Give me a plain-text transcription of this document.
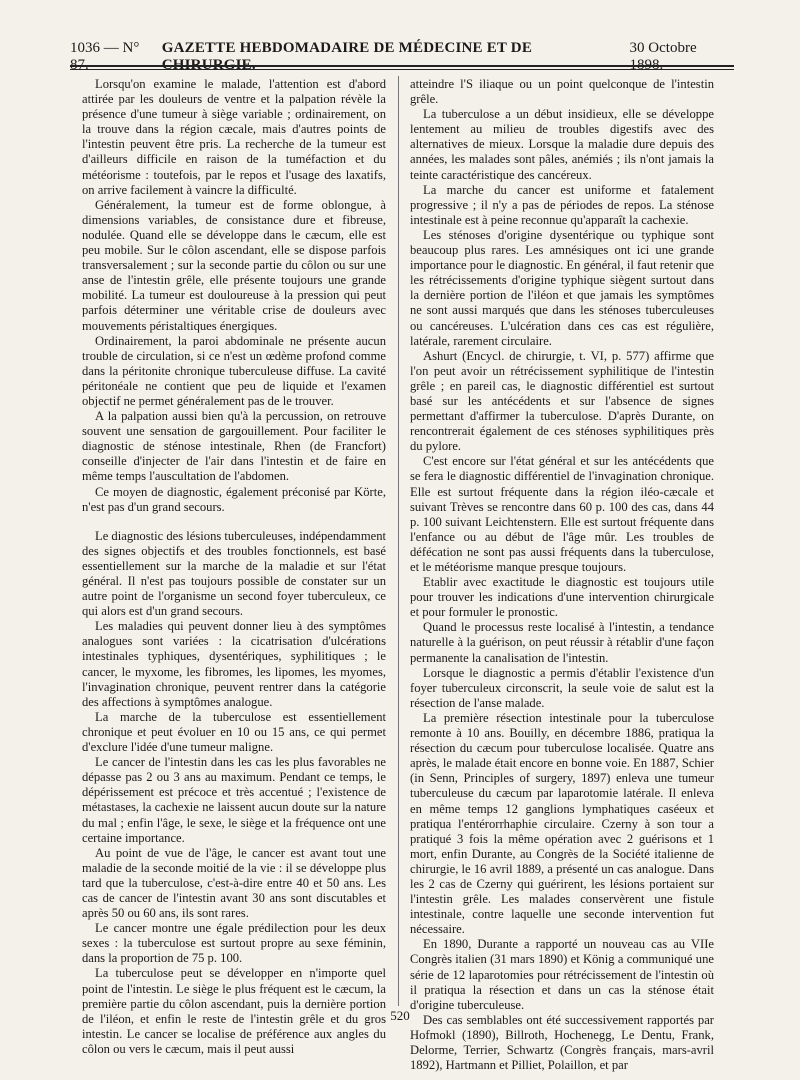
1036 — N° 87.
GAZETTE HEBDOMADAIRE DE MÉDECINE ET DE CHIRURGIE.
30 Octobre 1898.

Lorsqu'on examine le malade, l'attention est d'abord attirée par les douleurs de ventre et la palpation révèle la présence d'une tumeur à siège variable ; ordinairement, on la trouve dans la région cæcale, mais d'autres points de l'intestin peuvent être pris. La recherche de la tumeur est d'ailleurs difficile en raison de la tuméfaction et du météorisme : toutefois, par le repos et l'usage des laxatifs, on arrive facilement à vaincre la difficulté.

Généralement, la tumeur est de forme oblongue, à dimensions variables, de consistance dure et fibreuse, nodulée. Quand elle se développe dans le cæcum, elle est peu mobile. Sur le côlon ascendant, elle se dispose parfois transversalement ; sur la seconde partie du côlon ou sur une anse de l'intestin grêle, elle présente toujours une grande mobilité. La tumeur est douloureuse à la pression qui peut parfois déterminer une véritable crise de douleurs avec mouvements péristaltiques énergiques.

Ordinairement, la paroi abdominale ne présente aucun trouble de circulation, si ce n'est un œdème profond comme dans la péritonite chronique tuberculeuse diffuse. La cavité péritonéale ne contient que peu de liquide et l'examen objectif ne permet généralement pas de le trouver.

A la palpation aussi bien qu'à la percussion, on retrouve souvent une sensation de gargouillement. Pour faciliter le diagnostic de sténose intestinale, Rhen (de Francfort) conseille d'injecter de l'air dans l'intestin et de faire en même temps l'auscultation de l'abdomen.

Ce moyen de diagnostic, également préconisé par Körte, n'est pas d'un grand secours.

Le diagnostic des lésions tuberculeuses, indépendamment des signes objectifs et des troubles fonctionnels, est basé essentiellement sur la marche de la maladie et sur l'état général. Il n'est pas toujours possible de constater sur un autre point de l'organisme un second foyer tuberculeux, ce qui alors est d'un grand secours.

Les maladies qui peuvent donner lieu à des symptômes analogues sont variées : la cicatrisation d'ulcérations intestinales typhiques, dysentériques, syphilitiques ; le cancer, le myxome, les fibromes, les lipomes, les myomes, l'invagination chronique, peuvent rentrer dans la catégorie des affections à symptômes analogue.

La marche de la tuberculose est essentiellement chronique et peut évoluer en 10 ou 15 ans, ce qui permet d'exclure l'idée d'une tumeur maligne.

Le cancer de l'intestin dans les cas les plus favorables ne dépasse pas 2 ou 3 ans au maximum. Pendant ce temps, le dépérissement est précoce et très accentué ; l'existence de métastases, la cachexie ne laissent aucun doute sur la nature du mal ; enfin l'âge, le sexe, le siège et la fréquence ont une certaine importance.

Au point de vue de l'âge, le cancer est avant tout une maladie de la seconde moitié de la vie : il se développe plus tard que la tuberculose, c'est-à-dire entre 40 et 50 ans. Les cas de cancer de l'intestin avant 30 ans sont discutables et après 50 ou 60 ans, ils sont rares.

Le cancer montre une égale prédilection pour les deux sexes : la tuberculose est surtout propre au sexe féminin, dans la proportion de 75 p. 100.

La tuberculose peut se développer en n'importe quel point de l'intestin. Le siège le plus fréquent est le cæcum, la première partie du côlon ascendant, puis la dernière portion de l'iléon, et enfin le reste de l'intestin grêle et du gros intestin. Le cancer se localise de préférence aux angles du côlon ou vers le cæcum, mais il peut aussi

atteindre l'S iliaque ou un point quelconque de l'intestin grêle.

La tuberculose a un début insidieux, elle se développe lentement au milieu de troubles digestifs avec des alternatives de mieux. Lorsque la maladie dure depuis des années, les malades sont pâles, anémiés ; ils n'ont jamais la teinte caractéristique des cancéreux.

La marche du cancer est uniforme et fatalement progressive ; il n'y a pas de périodes de repos. La sténose intestinale est à peine reconnue qu'apparaît la cachexie.

Les sténoses d'origine dysentérique ou typhique sont beaucoup plus rares. Les amnésiques ont ici une grande importance pour le diagnostic. En général, il faut retenir que les rétrécissements d'origine typhique siègent surtout dans la dernière portion de l'iléon et que jamais les symptômes ne sont aussi marqués que dans les sténoses tuberculeuses ou cancéreuses. L'ulcération dans ces cas est régulière, latérale, rarement circulaire.

Ashurt (Encycl. de chirurgie, t. VI, p. 577) affirme que l'on peut avoir un rétrécissement syphilitique de l'intestin grêle ; en pareil cas, le diagnostic différentiel est surtout basé sur les antécédents et sur l'absence de signes permettant d'affirmer la tuberculose. D'après Durante, on rencontrerait également de ces sténoses syphilitiques près du pylore.

C'est encore sur l'état général et sur les antécédents que se fera le diagnostic différentiel de l'invagination chronique. Elle est surtout fréquente dans la région iléo-cæcale et suivant Trèves se rencontre dans 60 p. 100 des cas, dans 44 p. 100 suivant Leichtenstern. Elle est surtout fréquente dans l'enfance ou au début de l'âge mûr. Les troubles de défécation ne sont pas aussi fréquents dans la tuberculose, et le météorisme manque presque toujours.

Etablir avec exactitude le diagnostic est toujours utile pour trouver les indications d'une intervention chirurgicale et pour formuler le pronostic.

Quand le processus reste localisé à l'intestin, a tendance naturelle à la guérison, on peut réussir à rétablir d'une façon permanente la canalisation de l'intestin.

Lorsque le diagnostic a permis d'établir l'existence d'un foyer tuberculeux circonscrit, la seule voie de salut est la résection de l'anse malade.

La première résection intestinale pour la tuberculose remonte à 10 ans. Bouilly, en décembre 1886, pratiqua la résection du cæcum pour tuberculose localisée. Quatre ans après, le malade était encore en bonne voie. En 1887, Schier (in Senn, Principles of surgery, 1897) enleva une tumeur tuberculeuse du cæcum par laparotomie latérale. Il enleva en même temps 12 ganglions lymphatiques caséeux et pratiqua l'entérorrhaphie circulaire. Czerny à son tour a pratiqué 3 fois la même opération avec 2 guérisons et 1 mort, enfin Durante, au Congrès de la Société italienne de chirurgie, le 16 avril 1889, a présenté un cas analogue. Dans les 2 cas de Czerny qui guérirent, les lésions portaient sur l'intestin grêle. Les malades conservèrent une fistule intestinale, contre laquelle une seconde intervention fut nécessaire.

En 1890, Durante a rapporté un nouveau cas au VIIe Congrès italien (31 mars 1890) et König a communiqué une série de 12 laparotomies pour rétrécissement de l'intestin où il pratiqua la résection et dans un cas la sténose était d'origine tuberculeuse.

Des cas semblables ont été successivement rapportés par Hofmokl (1890), Billroth, Hochenegg, Le Dentu, Frank, Delorme, Terrier, Schwartz (Congrès français, mars-avril 1892), Hartmann et Pilliet, Polaillon, et par

520
